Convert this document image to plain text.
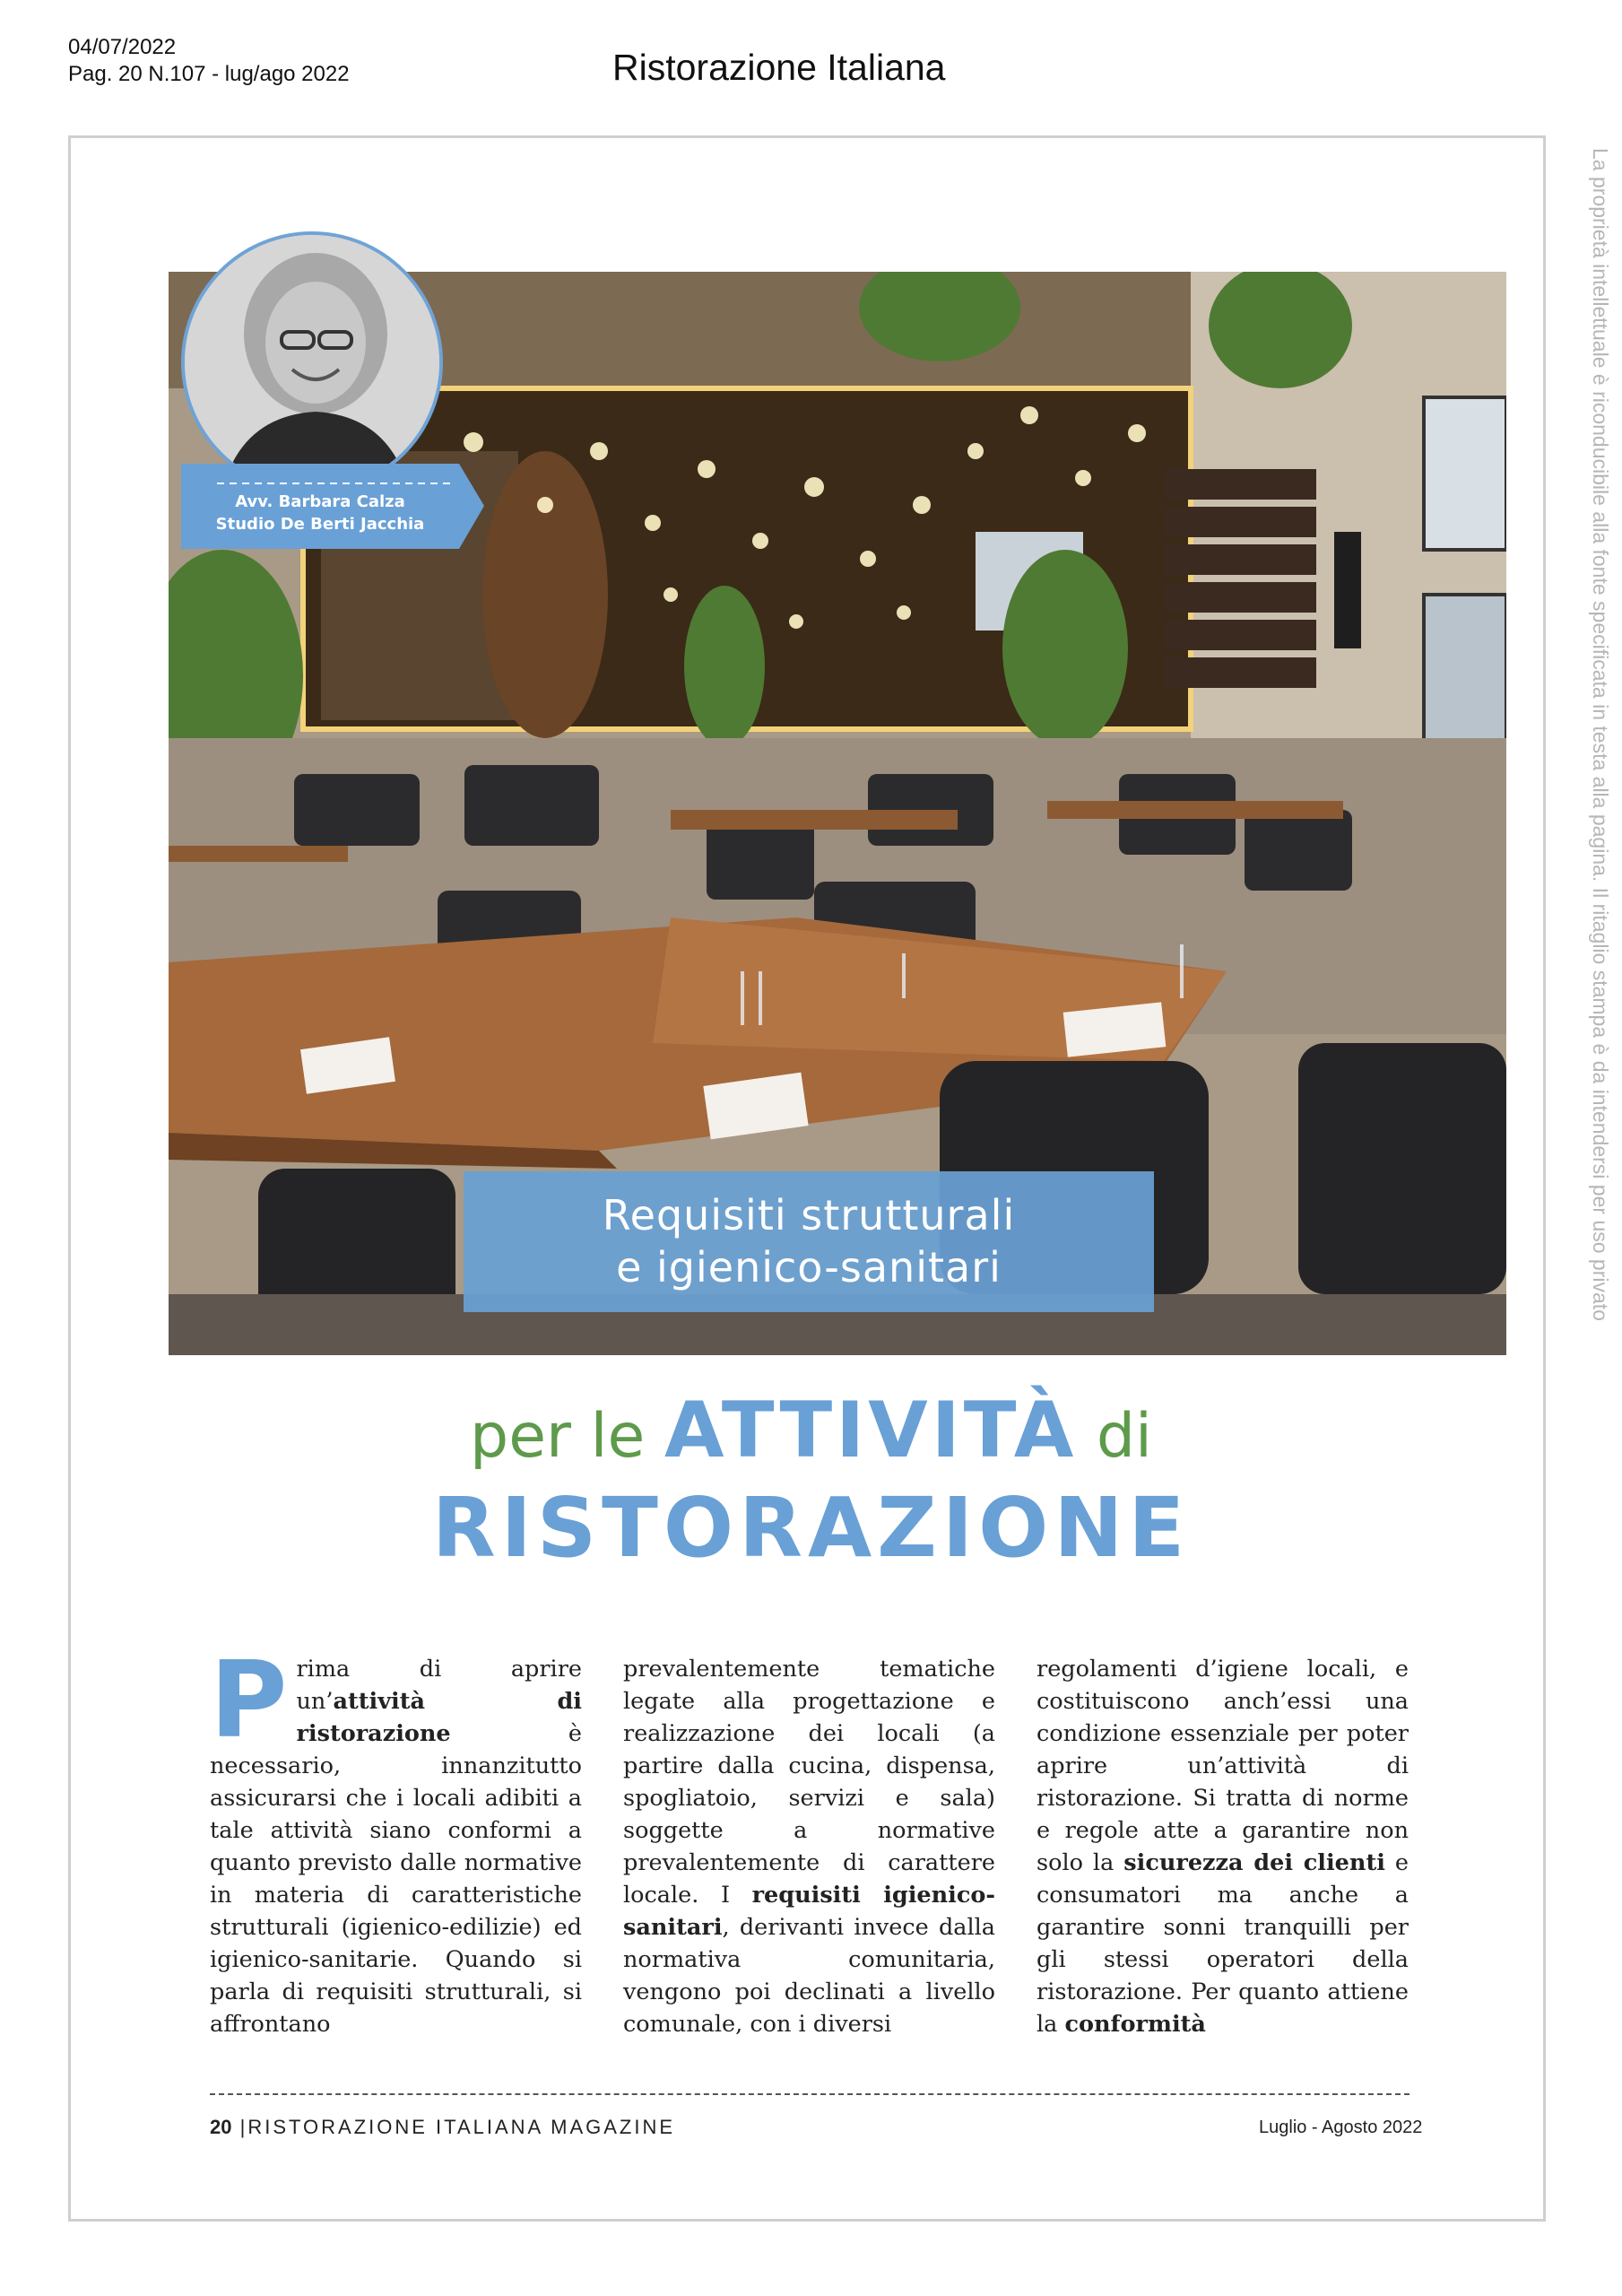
04/07/2022
Pag. 20 N.107 - lug/ago 2022	Ristorazione Italiana
La proprietà intellettuale è riconducibile alla fonte specificata in testa alla pagina. Il ritaglio stampa è da intendersi per uso privato
Avv. Barbara Calza
Studio De Berti Jacchia
Requisiti strutturali
e igienico-sanitari
per le ATTIVITÀ di
RISTORAZIONE
Prima di aprire un’attività di ristorazione è necessario, innanzitutto assicurarsi che i locali adibiti a tale attività siano conformi a quanto previsto dalle normative in materia di caratteristiche strutturali (igienico-edilizie) ed igienico-sanitarie. Quando si parla di requisiti strutturali, si affrontano
prevalentemente tematiche legate alla progettazione e realizzazione dei locali (a partire dalla cucina, dispensa, spogliatoio, servizi e sala) soggette a normative prevalentemente di carattere locale. I requisiti igienico-sanitari, derivanti invece dalla normativa comunitaria, vengono poi declinati a livello comunale, con i diversi
regolamenti d’igiene locali, e costituiscono anch’essi una condizione essenziale per poter aprire un’attività di ristorazione. Si tratta di norme e regole atte a garantire non solo la sicurezza dei clienti e consumatori ma anche a garantire sonni tranquilli per gli stessi operatori della ristorazione. Per quanto attiene la conformità
20 |RISTORAZIONE ITALIANA MAGAZINE	Luglio - Agosto 2022
